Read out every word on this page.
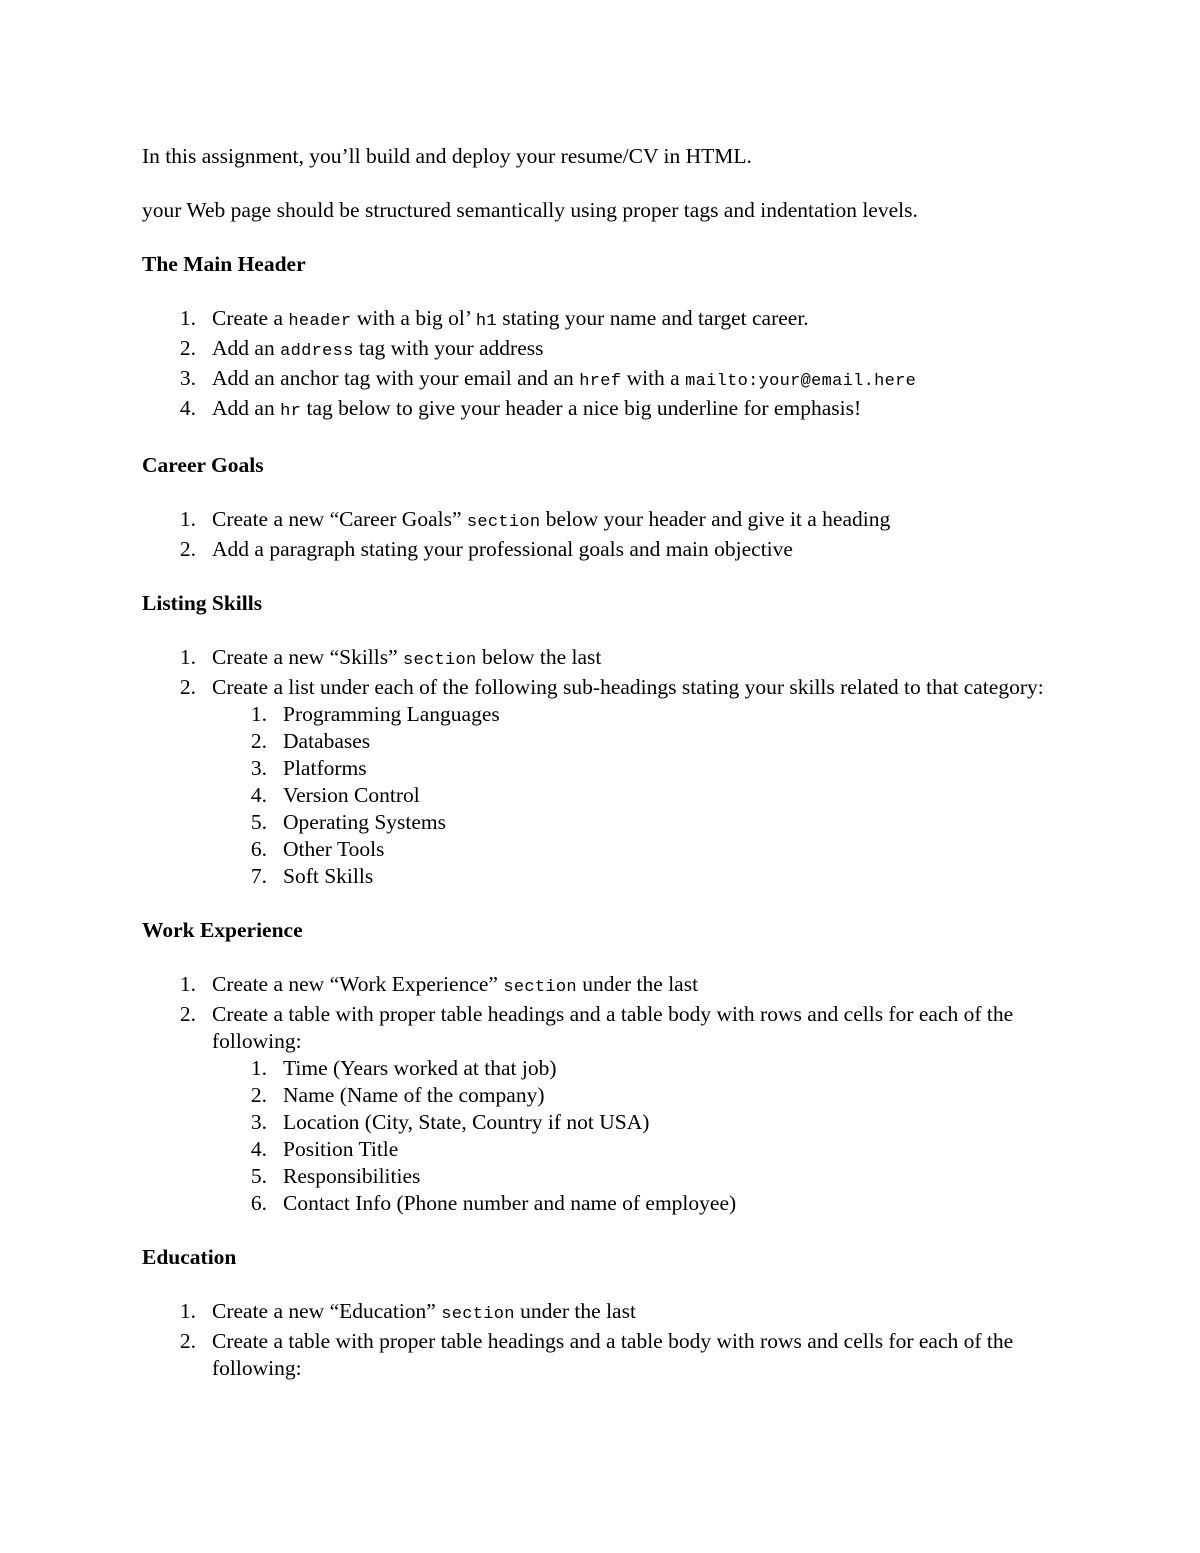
In this assignment, you’ll build and deploy your resume/CV in HTML.

your Web page should be structured semantically using proper tags and indentation levels.

The Main Header
1. Create a header with a big ol’ h1 stating your name and target career.
2. Add an address tag with your address
3. Add an anchor tag with your email and an href with a mailto:your@email.here
4. Add an hr tag below to give your header a nice big underline for emphasis!
Career Goals
1. Create a new “Career Goals” section below your header and give it a heading
2. Add a paragraph stating your professional goals and main objective
Listing Skills
1. Create a new “Skills” section below the last
2. Create a list under each of the following sub-headings stating your skills related to that category:
1. Programming Languages
2. Databases
3. Platforms
4. Version Control
5. Operating Systems
6. Other Tools
7. Soft Skills
Work Experience
1. Create a new “Work Experience” section under the last
2. Create a table with proper table headings and a table body with rows and cells for each of the following:
1. Time (Years worked at that job)
2. Name (Name of the company)
3. Location (City, State, Country if not USA)
4. Position Title
5. Responsibilities
6. Contact Info (Phone number and name of employee)
Education
1. Create a new “Education” section under the last
2. Create a table with proper table headings and a table body with rows and cells for each of the following:
